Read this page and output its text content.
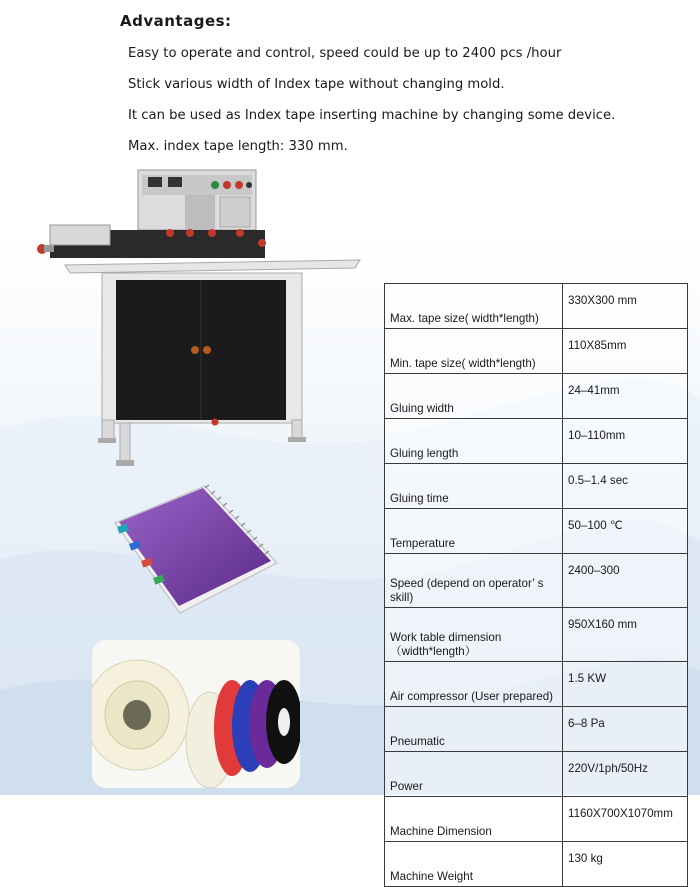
Advantages:
Easy to operate and control, speed could be up to 2400 pcs /hour
Stick various width of Index tape without changing mold.
It can be used as Index tape inserting machine by changing some device.
Max. index tape length: 330 mm.
Max. tape size( width*length)	330X300 mm
Min. tape size( width*length)	110X85mm
Gluing width	24–41mm
Gluing length	10–110mm
Gluing time	0.5–1.4 sec
Temperature	50–100 ℃
Speed (depend on operator’ s skill)	2400–300
Work table dimension （width*length）	950X160 mm
Air compressor (User prepared)	1.5 KW
Pneumatic	6–8 Pa
Power	220V/1ph/50Hz
Machine Dimension	1160X700X1070mm
Machine Weight	130 kg
